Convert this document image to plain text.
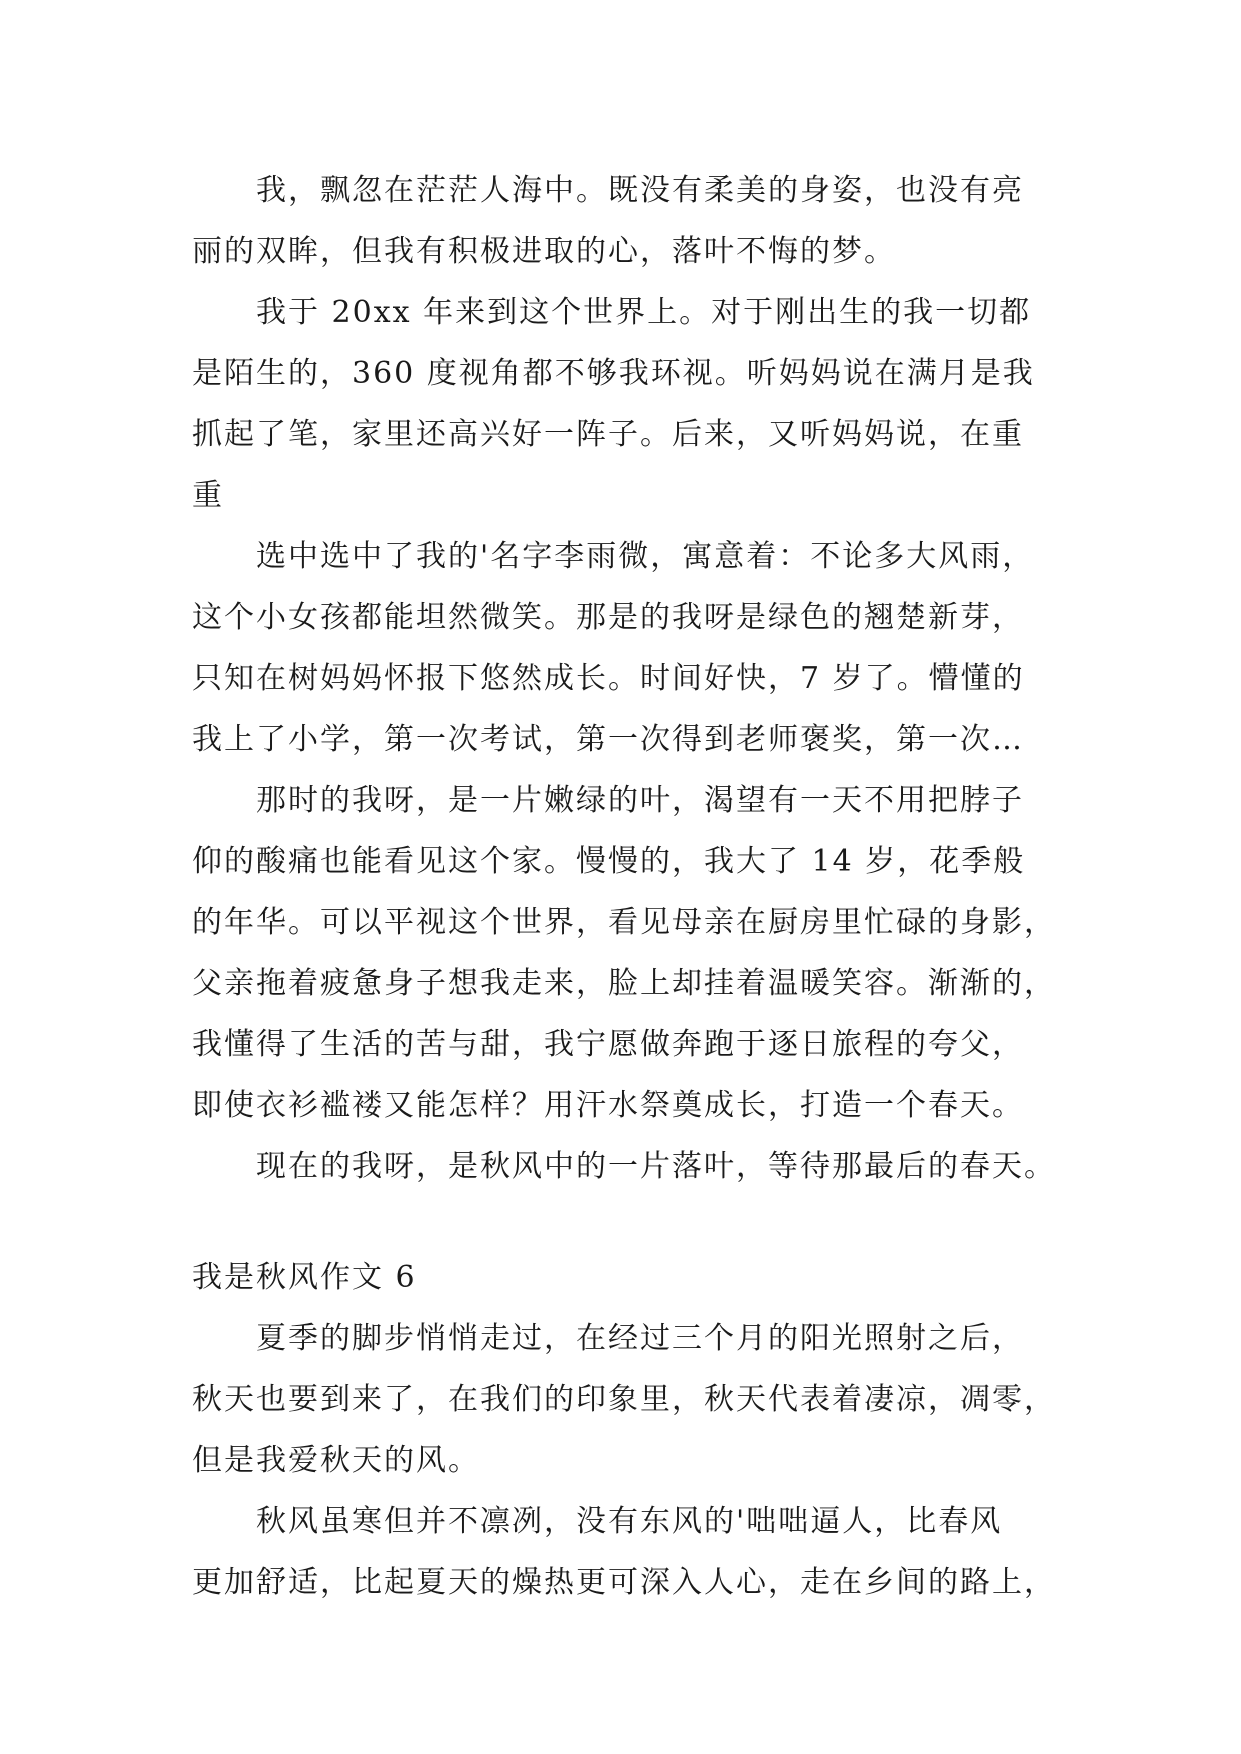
我，飘忽在茫茫人海中。既没有柔美的身姿，也没有亮
丽的双眸，但我有积极进取的心，落叶不悔的梦。
我于 20xx 年来到这个世界上。对于刚出生的我一切都
是陌生的，360 度视角都不够我环视。听妈妈说在满月是我
抓起了笔，家里还高兴好一阵子。后来，又听妈妈说，在重
重
选中选中了我的'名字李雨微，寓意着：不论多大风雨，
这个小女孩都能坦然微笑。那是的我呀是绿色的翘楚新芽，
只知在树妈妈怀报下悠然成长。时间好快，7 岁了。懵懂的
我上了小学，第一次考试，第一次得到老师褒奖，第一次…
那时的我呀，是一片嫩绿的叶，渴望有一天不用把脖子
仰的酸痛也能看见这个家。慢慢的，我大了 14 岁，花季般
的年华。可以平视这个世界，看见母亲在厨房里忙碌的身影，
父亲拖着疲惫身子想我走来，脸上却挂着温暖笑容。渐渐的，
我懂得了生活的苦与甜，我宁愿做奔跑于逐日旅程的夸父，
即使衣衫褴褛又能怎样？用汗水祭奠成长，打造一个春天。
现在的我呀，是秋风中的一片落叶，等待那最后的春天。
我是秋风作文 6
夏季的脚步悄悄走过，在经过三个月的阳光照射之后，
秋天也要到来了，在我们的印象里，秋天代表着凄凉，凋零，
但是我爱秋天的风。
秋风虽寒但并不凛冽，没有东风的'咄咄逼人，比春风
更加舒适，比起夏天的燥热更可深入人心，走在乡间的路上，
